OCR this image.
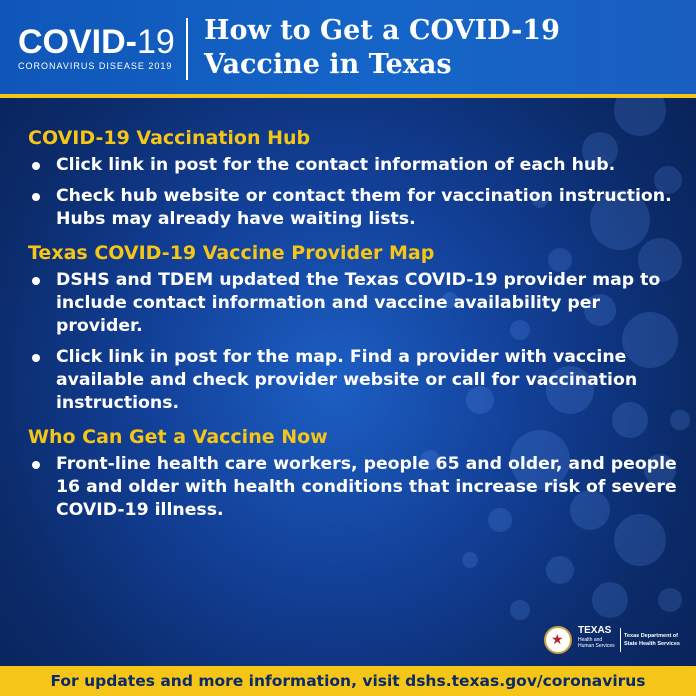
COVID-19
CORONAVIRUS DISEASE 2019
How to Get a COVID-19
Vaccine in Texas
COVID-19 Vaccination Hub
Click link in post for the contact information of each hub.
Check hub website or contact them for vaccination instruction. Hubs may already have waiting lists.
Texas COVID-19 Vaccine Provider Map
DSHS and TDEM updated the Texas COVID-19 provider map to include contact information and vaccine availability per provider.
Click link in post for the map. Find a provider with vaccine available and check provider website or call for vaccination instructions.
Who Can Get a Vaccine Now
Front-line health care workers, people 65 and older, and people 16 and older with health conditions that increase risk of severe COVID-19 illness.
★
TEXAS
Health and Human Services
Texas Department of State Health Services
For updates and more information, visit dshs.texas.gov/coronavirus
